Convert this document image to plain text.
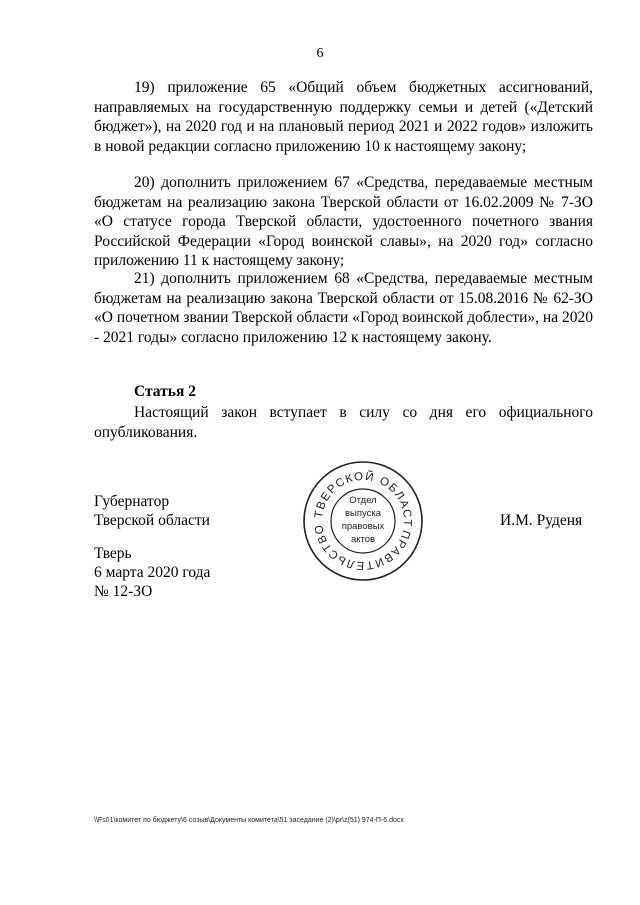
6

19) приложение 65 «Общий объем бюджетных ассигнований, направляемых на государственную поддержку семьи и детей («Детский бюджет»), на 2020 год и на плановый период 2021 и 2022 годов» изложить в новой редакции согласно приложению 10 к настоящему закону;

20) дополнить приложением 67 «Средства, передаваемые местным бюджетам на реализацию закона Тверской области от 16.02.2009 № 7-ЗО «О статусе города Тверской области, удостоенного почетного звания Российской Федерации «Город воинской славы», на 2020 год» согласно приложению 11 к настоящему закону;

21) дополнить приложением 68 «Средства, передаваемые местным бюджетам на реализацию закона Тверской области от 15.08.2016 № 62-ЗО «О почетном звании Тверской области «Город воинской доблести», на 2020 - 2021 годы» согласно приложению 12 к настоящему закону.

Статья 2

Настоящий закон вступает в силу со дня его официального опубликования.

Губернатор
Тверской области
ПРАВИТЕЛЬСТВО ТВЕРСКОЙ ОБЛАСТИ
Отдел
выпуска
правовых
актов
И.М. Руденя
Тверь
6 марта 2020 года
№ 12-ЗО
\\Fs01\комитет по бюджету\6 созыв\Документы комитета\51 заседание (2)\pr\z(51) 974-П-6.docx
